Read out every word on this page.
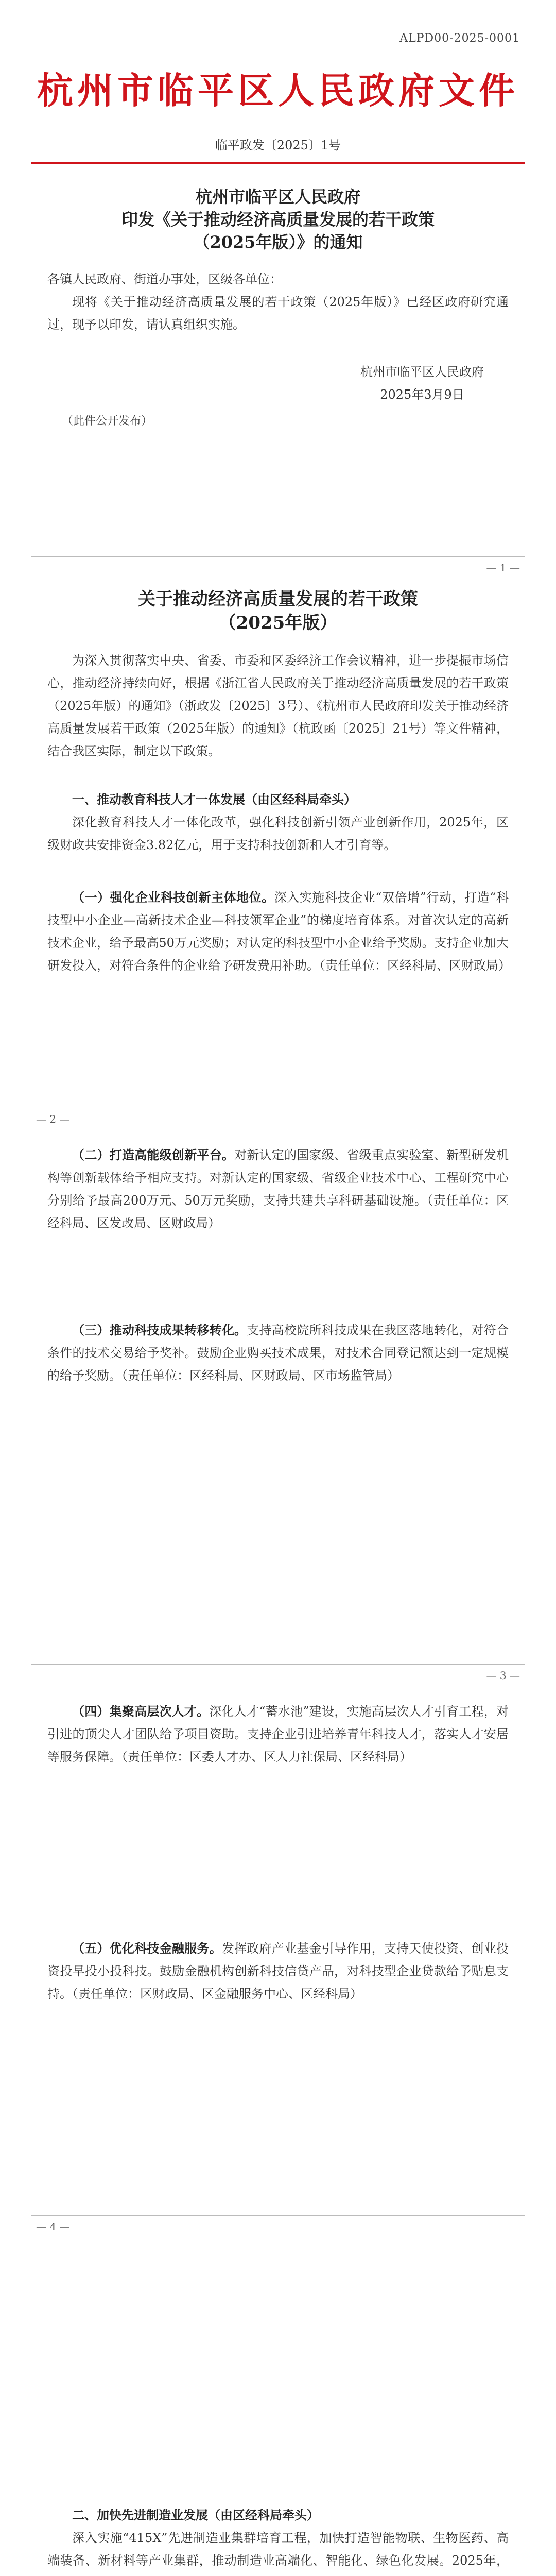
ALPD00-2025-0001
杭州市临平区人民政府文件
临平政发〔2025〕1号
杭州市临平区人民政府
印发《关于推动经济高质量发展的若干政策
（2025年版）》的通知

各镇人民政府、街道办事处，区级各单位：

现将《关于推动经济高质量发展的若干政策（2025年版）》已经区政府研究通过，现予以印发，请认真组织实施。

杭州市临平区人民政府
2025年3月9日
（此件公开发布）
— 1 —
关于推动经济高质量发展的若干政策
（2025年版）

为深入贯彻落实中央、省委、市委和区委经济工作会议精神，进一步提振市场信心，推动经济持续向好，根据《浙江省人民政府关于推动经济高质量发展的若干政策（2025年版）的通知》（浙政发〔2025〕3号）、《杭州市人民政府印发关于推动经济高质量发展若干政策（2025年版）的通知》（杭政函〔2025〕21号）等文件精神，结合我区实际，制定以下政策。

一、推动教育科技人才一体发展（由区经科局牵头）

深化教育科技人才一体化改革，强化科技创新引领产业创新作用，2025年，区级财政共安排资金3.82亿元，用于支持科技创新和人才引育等。

（一）强化企业科技创新主体地位。深入实施科技企业“双倍增”行动，打造“科技型中小企业—高新技术企业—科技领军企业”的梯度培育体系。对首次认定的高新技术企业，给予最高50万元奖励；对认定的科技型中小企业给予奖励。支持企业加大研发投入，对符合条件的企业给予研发费用补助。（责任单位：区经科局、区财政局）

— 2 —

（二）打造高能级创新平台。对新认定的国家级、省级重点实验室、新型研发机构等创新载体给予相应支持。对新认定的国家级、省级企业技术中心、工程研究中心分别给予最高200万元、50万元奖励，支持共建共享科研基础设施。（责任单位：区经科局、区发改局、区财政局）

（三）推动科技成果转移转化。支持高校院所科技成果在我区落地转化，对符合条件的技术交易给予奖补。鼓励企业购买技术成果，对技术合同登记额达到一定规模的给予奖励。（责任单位：区经科局、区财政局、区市场监管局）

— 3 —

（四）集聚高层次人才。深化人才“蓄水池”建设，实施高层次人才引育工程，对引进的顶尖人才团队给予项目资助。支持企业引进培养青年科技人才，落实人才安居等服务保障。（责任单位：区委人才办、区人力社保局、区经科局）

（五）优化科技金融服务。发挥政府产业基金引导作用，支持天使投资、创业投资投早投小投科技。鼓励金融机构创新科技信贷产品，对科技型企业贷款给予贴息支持。（责任单位：区财政局、区金融服务中心、区经科局）

— 4 —

二、加快先进制造业发展（由区经科局牵头）

深入实施“415X”先进制造业集群培育工程，加快打造智能物联、生物医药、高端装备、新材料等产业集群，推动制造业高端化、智能化、绿色化发展。2025年，
